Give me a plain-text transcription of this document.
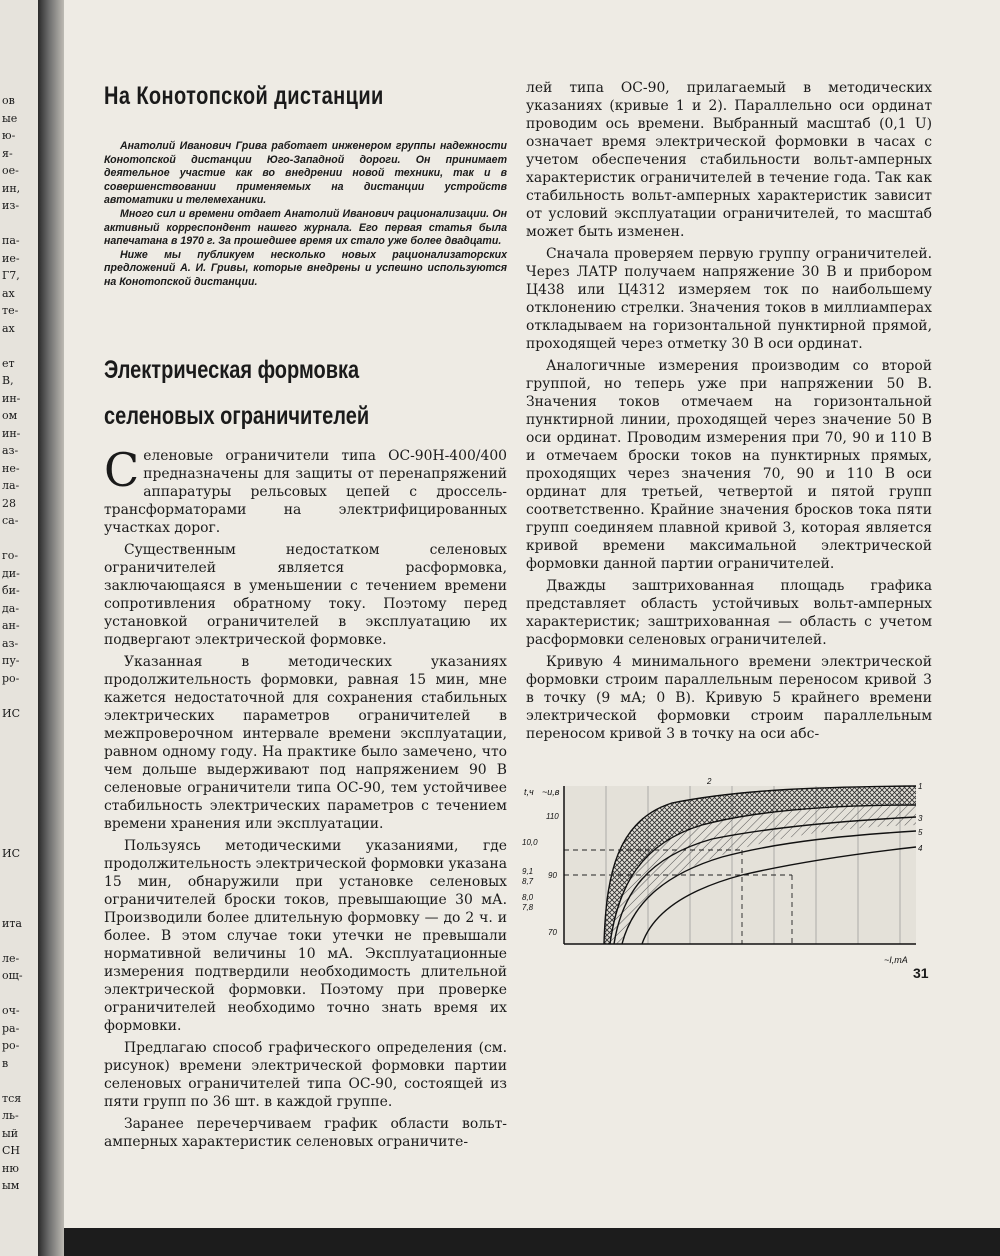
ов
ые
ю-
я-
ое-
ин,
из-
па-
ие-
Г7,
ах
те-
ах
ет
В,
ин-
ом
ин-
аз-
не-
ла-
28
са-
го-
ди-
би-
да-
ан-
аз-
пу-
ро-
ИС
ИС
ита
ле-
ощ-
оч-
ра-
ро-
в
тся
ль-
ый
СН
ню
ым
На Конотопской дистанции

Анатолий Иванович Грива работает инженером группы надежности Конотопской дистанции Юго-Западной дороги. Он принимает деятельное участие как во внедрении новой техники, так и в совершенствовании применяемых на дистанции устройств автоматики и телемеханики.

Много сил и времени отдает Анатолий Иванович рационализации. Он активный корреспондент нашего журнала. Его первая статья была напечатана в 1970 г. За прошедшее время их стало уже более двадцати.

Ниже мы публикуем несколько новых рационализаторских предложений А. И. Гривы, которые внедрены и успешно используются на Конотопской дистанции.

Электрическая формовка селеновых ограничителей

Селеновые ограничители типа ОС-90Н-400/400 предназначены для защиты от перенапряжений аппаратуры рельсовых цепей с дроссель-трансформаторами на электрифицированных участках дорог.

Существенным недостатком селеновых ограничителей является расформовка, заключающаяся в уменьшении с течением времени сопротивления обратному току. Поэтому перед установкой ограничителей в эксплуатацию их подвергают электрической формовке.

Указанная в методических указаниях продолжительность формовки, равная 15 мин, мне кажется недостаточной для сохранения стабильных электрических параметров ограничителей в межпроверочном интервале времени эксплуатации, равном одному году. На практике было замечено, что чем дольше выдерживают под напряжением 90 В селеновые ограничители типа ОС-90, тем устойчивее стабильность электрических параметров с течением времени хранения или эксплуатации.

Пользуясь методическими указаниями, где продолжительность электрической формовки указана 15 мин, обнаружили при установке селеновых ограничителей броски токов, превышающие 30 мА. Производили более длительную формовку — до 2 ч. и более. В этом случае токи утечки не превышали нормативной величины 10 мА. Эксплуатационные измерения подтвердили необходимость длительной электрической формовки. Поэтому при проверке ограничителей необходимо точно знать время их формовки.

Предлагаю способ графического определения (см. рисунок) времени электрической формовки партии селеновых ограничителей типа ОС-90, состоящей из пяти групп по 36 шт. в каждой группе.

Заранее перечерчиваем график области вольт-амперных характеристик селеновых ограничите-

лей типа ОС-90, прилагаемый в методических указаниях (кривые 1 и 2). Параллельно оси ординат проводим ось времени. Выбранный масштаб (0,1 U) означает время электрической формовки в часах с учетом обеспечения стабильности вольт-амперных характеристик ограничителей в течение года. Так как стабильность вольт-амперных характеристик зависит от условий эксплуатации ограничителей, то масштаб может быть изменен.

Сначала проверяем первую группу ограничителей. Через ЛАТР получаем напряжение 30 В и прибором Ц438 или Ц4312 измеряем ток по наибольшему отклонению стрелки. Значения токов в миллиамперах откладываем на горизонтальной пунктирной прямой, проходящей через отметку 30 В оси ординат.

Аналогичные измерения производим со второй группой, но теперь уже при напряжении 50 В. Значения токов отмечаем на горизонтальной пунктирной линии, проходящей через значение 50 В оси ординат. Проводим измерения при 70, 90 и 110 В и отмечаем броски токов на пунктирных прямых, проходящих через значения 70, 90 и 110 В оси ординат для третьей, четвертой и пятой групп соответственно. Крайние значения бросков тока пяти групп соединяем плавной кривой 3, которая является кривой времени максимальной электрической формовки данной партии ограничителей.

Дважды заштрихованная площадь графика представляет область устойчивых вольт-амперных характеристик; заштрихованная — область с учетом расформовки селеновых ограничителей.

Кривую 4 минимального времени электрической формовки строим параллельным переносом кривой 3 в точку (9 мА; 0 В). Кривую 5 крайнего времени электрической формовки строим параллельным переносом кривой 3 в точку на оси абс-

t,ч ~u,в
~I,mA
10,0
9,1
8,7
8,0
7,8
110
90
70
2
1
3
5
4
31
